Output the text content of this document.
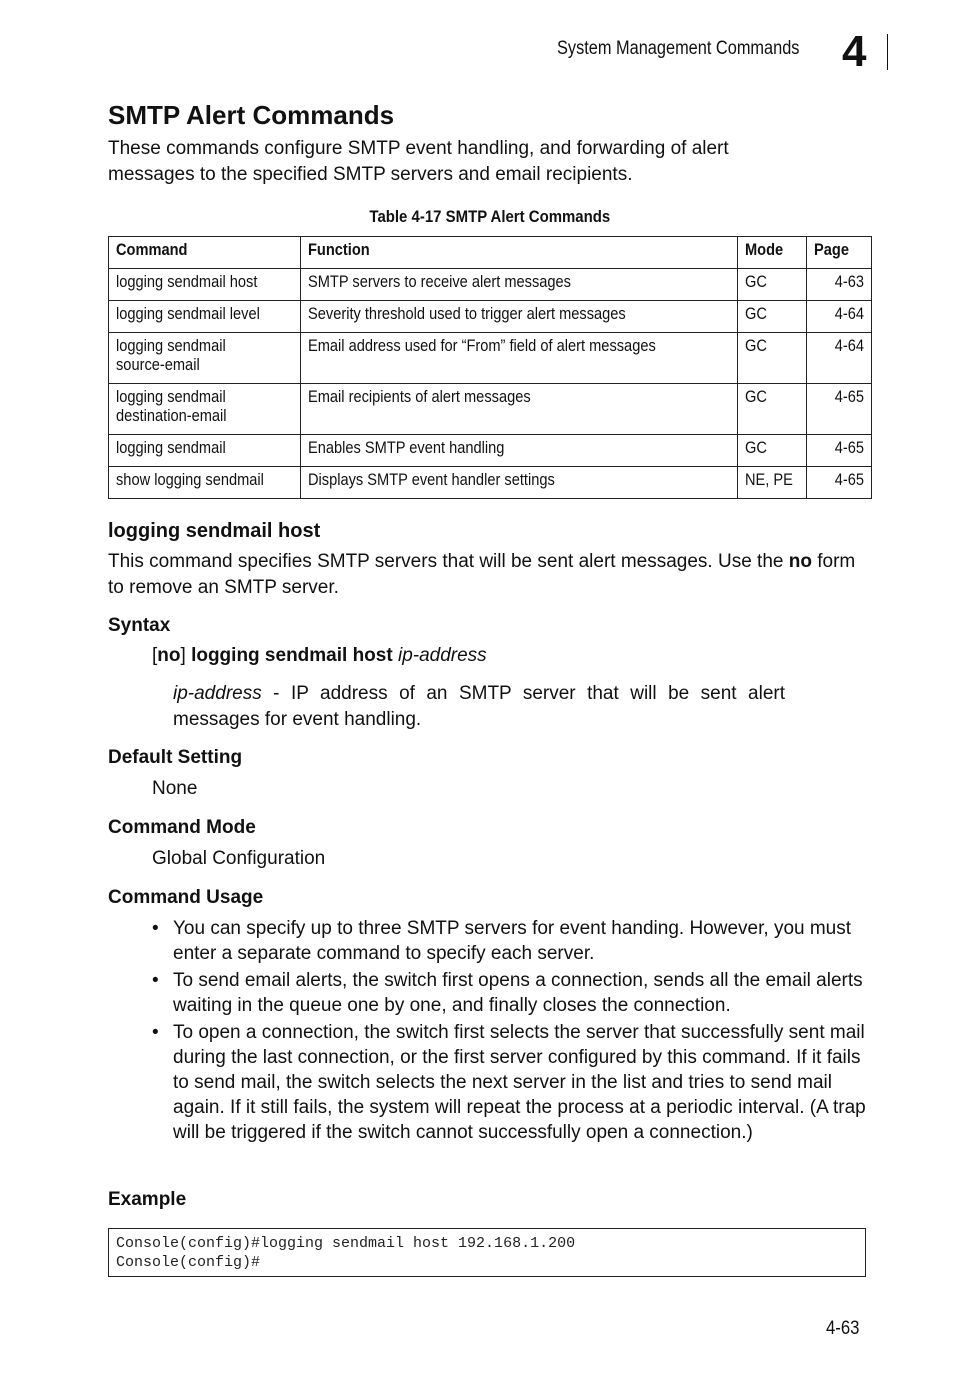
System Management Commands 4
SMTP Alert Commands

These commands configure SMTP event handling, and forwarding of alert messages to the specified SMTP servers and email recipients.

Table 4-17 SMTP Alert Commands
Command	Function	Mode	Page
logging sendmail host	SMTP servers to receive alert messages	GC	4-63
logging sendmail level	Severity threshold used to trigger alert messages	GC	4-64
logging sendmail
source-email	Email address used for “From” field of alert messages	GC	4-64
logging sendmail
destination-email	Email recipients of alert messages	GC	4-65
logging sendmail	Enables SMTP event handling	GC	4-65
show logging sendmail	Displays SMTP event handler settings	NE, PE	4-65
logging sendmail host

This command specifies SMTP servers that will be sent alert messages. Use the no form to remove an SMTP server.

Syntax
[no] logging sendmail host ip-address

ip-address - IP address of an SMTP server that will be sent alert messages for event handling.

Default Setting
None
Command Mode
Global Configuration
Command Usage
• You can specify up to three SMTP servers for event handing. However, you must enter a separate command to specify each server.
• To send email alerts, the switch first opens a connection, sends all the email alerts waiting in the queue one by one, and finally closes the connection.
• To open a connection, the switch first selects the server that successfully sent mail during the last connection, or the first server configured by this command. If it fails to send mail, the switch selects the next server in the list and tries to send mail again. If it still fails, the system will repeat the process at a periodic interval. (A trap will be triggered if the switch cannot successfully open a connection.)
Example
Console(config)#logging sendmail host 192.168.1.200
Console(config)#
4-63
